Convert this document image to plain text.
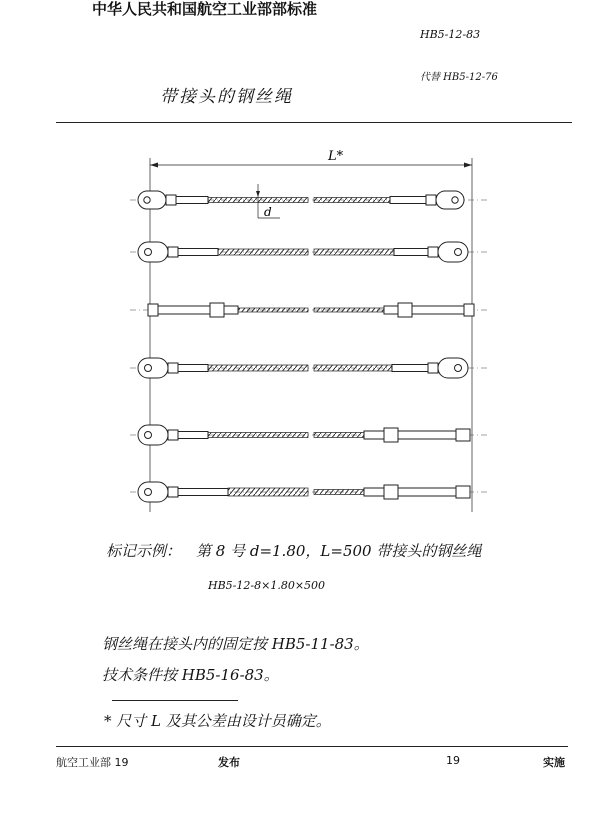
中华人民共和国航空工业部部标准
HB5-12-83
带接头的钢丝绳
代替 HB5-12-76
L*
d
标记示例： 第 8 号 d=1.80，L=500 带接头的钢丝绳
HB5-12-8×1.80×500
钢丝绳在接头内的固定按 HB5-11-83。
技术条件按 HB5-16-83。
* 尺寸 L 及其公差由设计员确定。
航空工业部 19	发布	19	实施
